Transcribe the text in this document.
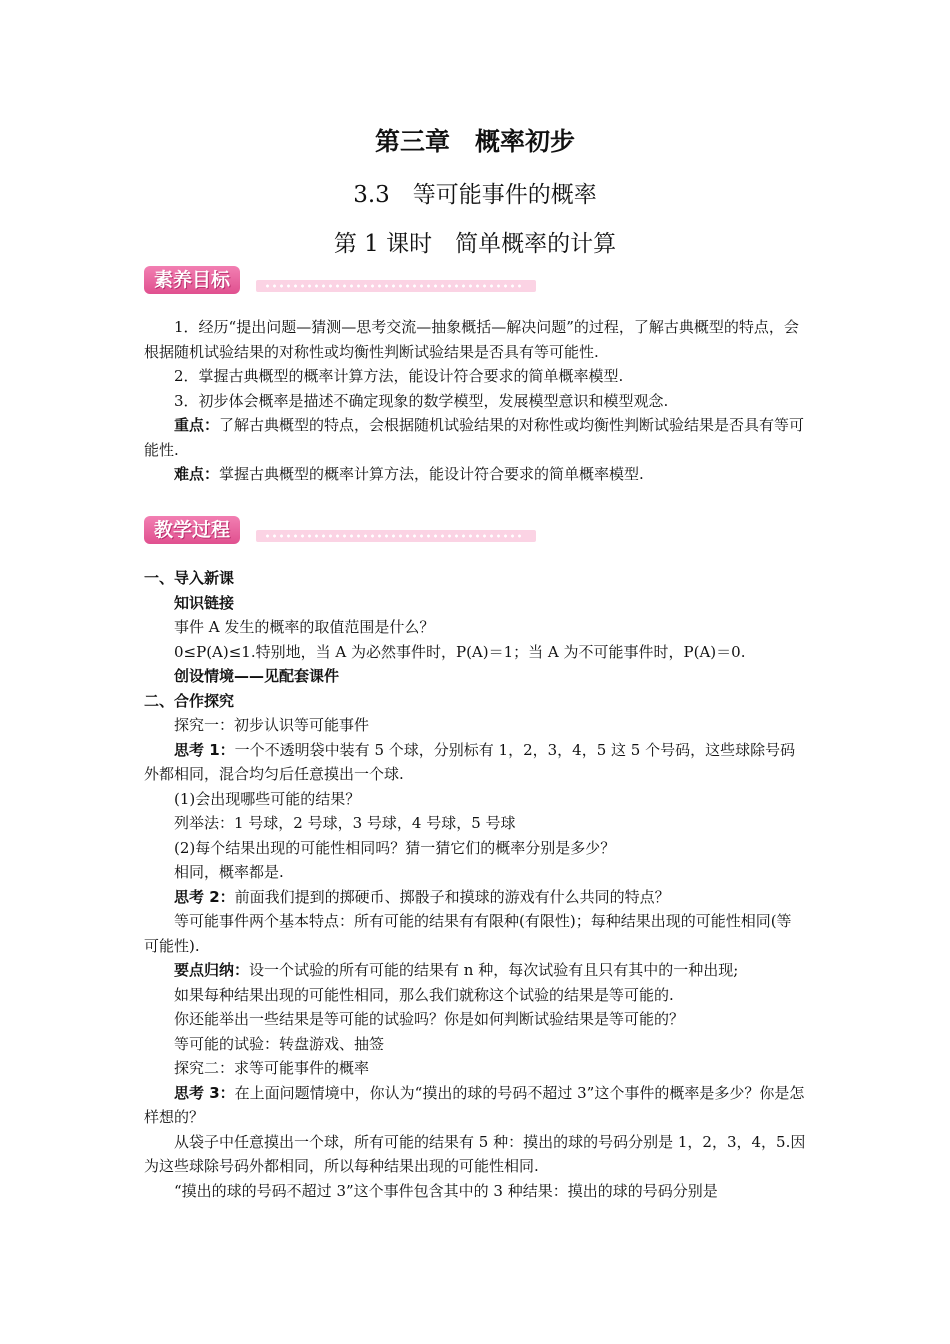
第三章　概率初步
3.3　等可能事件的概率
第 1 课时　简单概率的计算
素养目标

1．经历“提出问题—猜测—思考交流—抽象概括—解决问题”的过程，了解古典概型的特点，会根据随机试验结果的对称性或均衡性判断试验结果是否具有等可能性.

2．掌握古典概型的概率计算方法，能设计符合要求的简单概率模型.

3．初步体会概率是描述不确定现象的数学模型，发展模型意识和模型观念.

重点：了解古典概型的特点，会根据随机试验结果的对称性或均衡性判断试验结果是否具有等可能性.

难点：掌握古典概型的概率计算方法，能设计符合要求的简单概率模型.

教学过程

一、导入新课

知识链接

事件 A 发生的概率的取值范围是什么？

0≤P(A)≤1.特别地，当 A 为必然事件时，P(A)＝1；当 A 为不可能事件时，P(A)＝0.

创设情境——见配套课件

二、合作探究

探究一：初步认识等可能事件

思考 1：一个不透明袋中装有 5 个球，分别标有 1，2，3，4，5 这 5 个号码，这些球除号码外都相同，混合均匀后任意摸出一个球.

(1)会出现哪些可能的结果？

列举法：1 号球，2 号球，3 号球，4 号球，5 号球

(2)每个结果出现的可能性相同吗？猜一猜它们的概率分别是多少？

相同，概率都是.

思考 2：前面我们提到的掷硬币、掷骰子和摸球的游戏有什么共同的特点？

等可能事件两个基本特点：所有可能的结果有有限种(有限性)；每种结果出现的可能性相同(等可能性).

要点归纳：设一个试验的所有可能的结果有 n 种，每次试验有且只有其中的一种出现;

如果每种结果出现的可能性相同，那么我们就称这个试验的结果是等可能的.

你还能举出一些结果是等可能的试验吗？你是如何判断试验结果是等可能的？

等可能的试验：转盘游戏、抽签

探究二：求等可能事件的概率

思考 3：在上面问题情境中，你认为“摸出的球的号码不超过 3”这个事件的概率是多少？你是怎样想的？

从袋子中任意摸出一个球，所有可能的结果有 5 种：摸出的球的号码分别是 1，2，3，4，5.因为这些球除号码外都相同，所以每种结果出现的可能性相同.

“摸出的球的号码不超过 3”这个事件包含其中的 3 种结果：摸出的球的号码分别是
